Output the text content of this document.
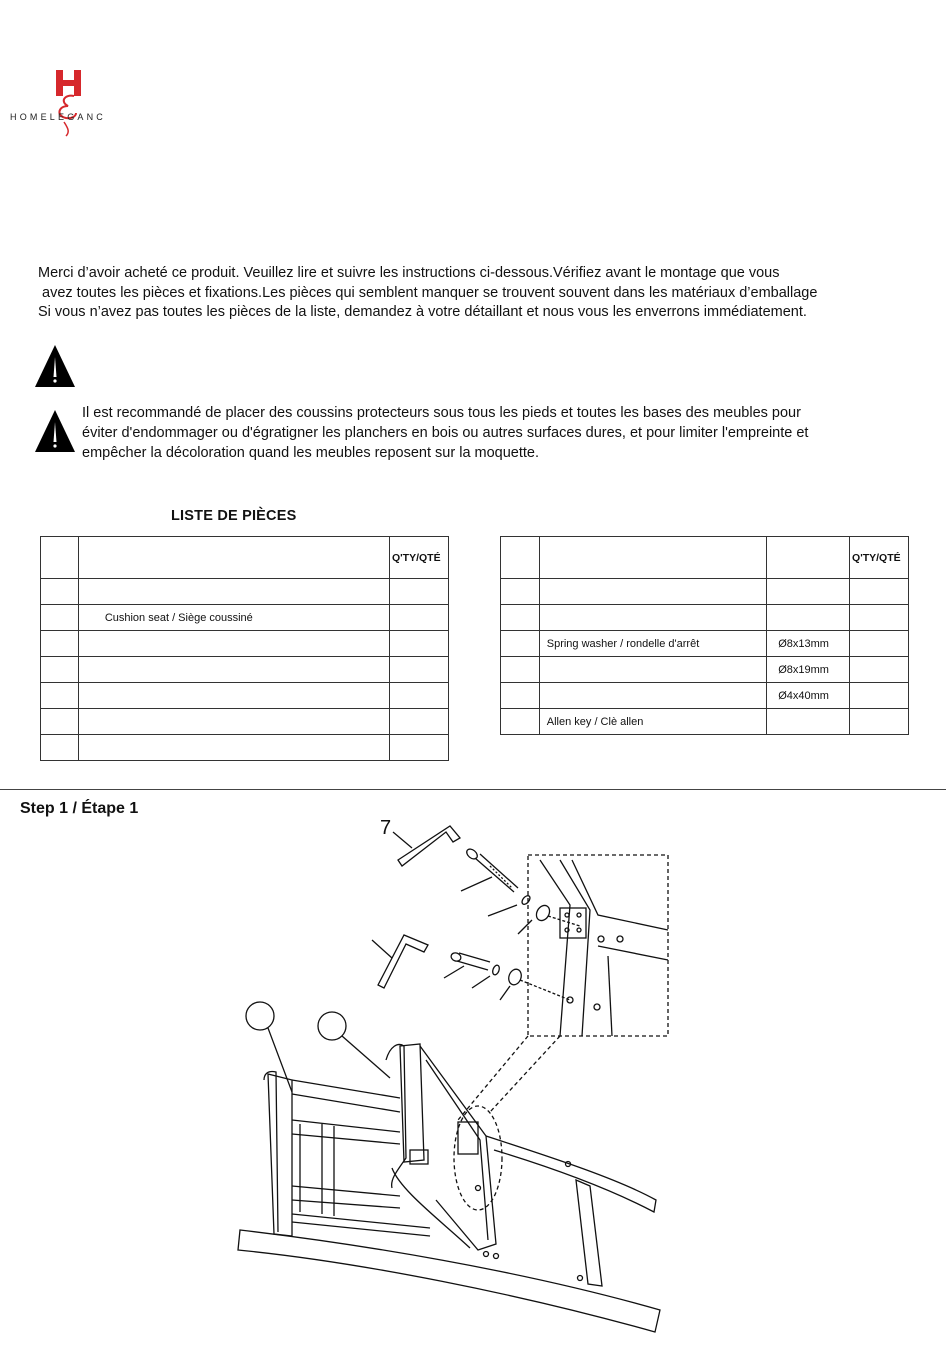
HOMELEGANC

Merci d’avoir acheté ce produit. Veuillez lire et suivre les instructions ci-dessous.Vérifiez avant le montage que vous

avez toutes les pièces et fixations.Les pièces qui semblent manquer se trouvent souvent dans les matériaux d’emballage

Si vous n’avez pas toutes les pièces de la liste, demandez à votre détaillant et nous vous les enverrons immédiatement.

Il est recommandé de placer des coussins protecteurs sous tous les pieds et toutes les bases des meubles pour

éviter d'endommager ou d'égratigner les planchers en bois ou autres surfaces dures, et pour limiter l'empreinte et

empêcher la décoloration quand les meubles reposent sur la moquette.

LISTE DE PIÈCES
		Q'TY/QTÉ

	Cushion seat / Siège coussiné	

			Q'TY/QTÉ

	Spring washer / rondelle d'arrêt	Ø8x13mm	
		Ø8x19mm	
		Ø4x40mm	
	Allen key / Clè allen		
Step 1 / Étape 1
7
